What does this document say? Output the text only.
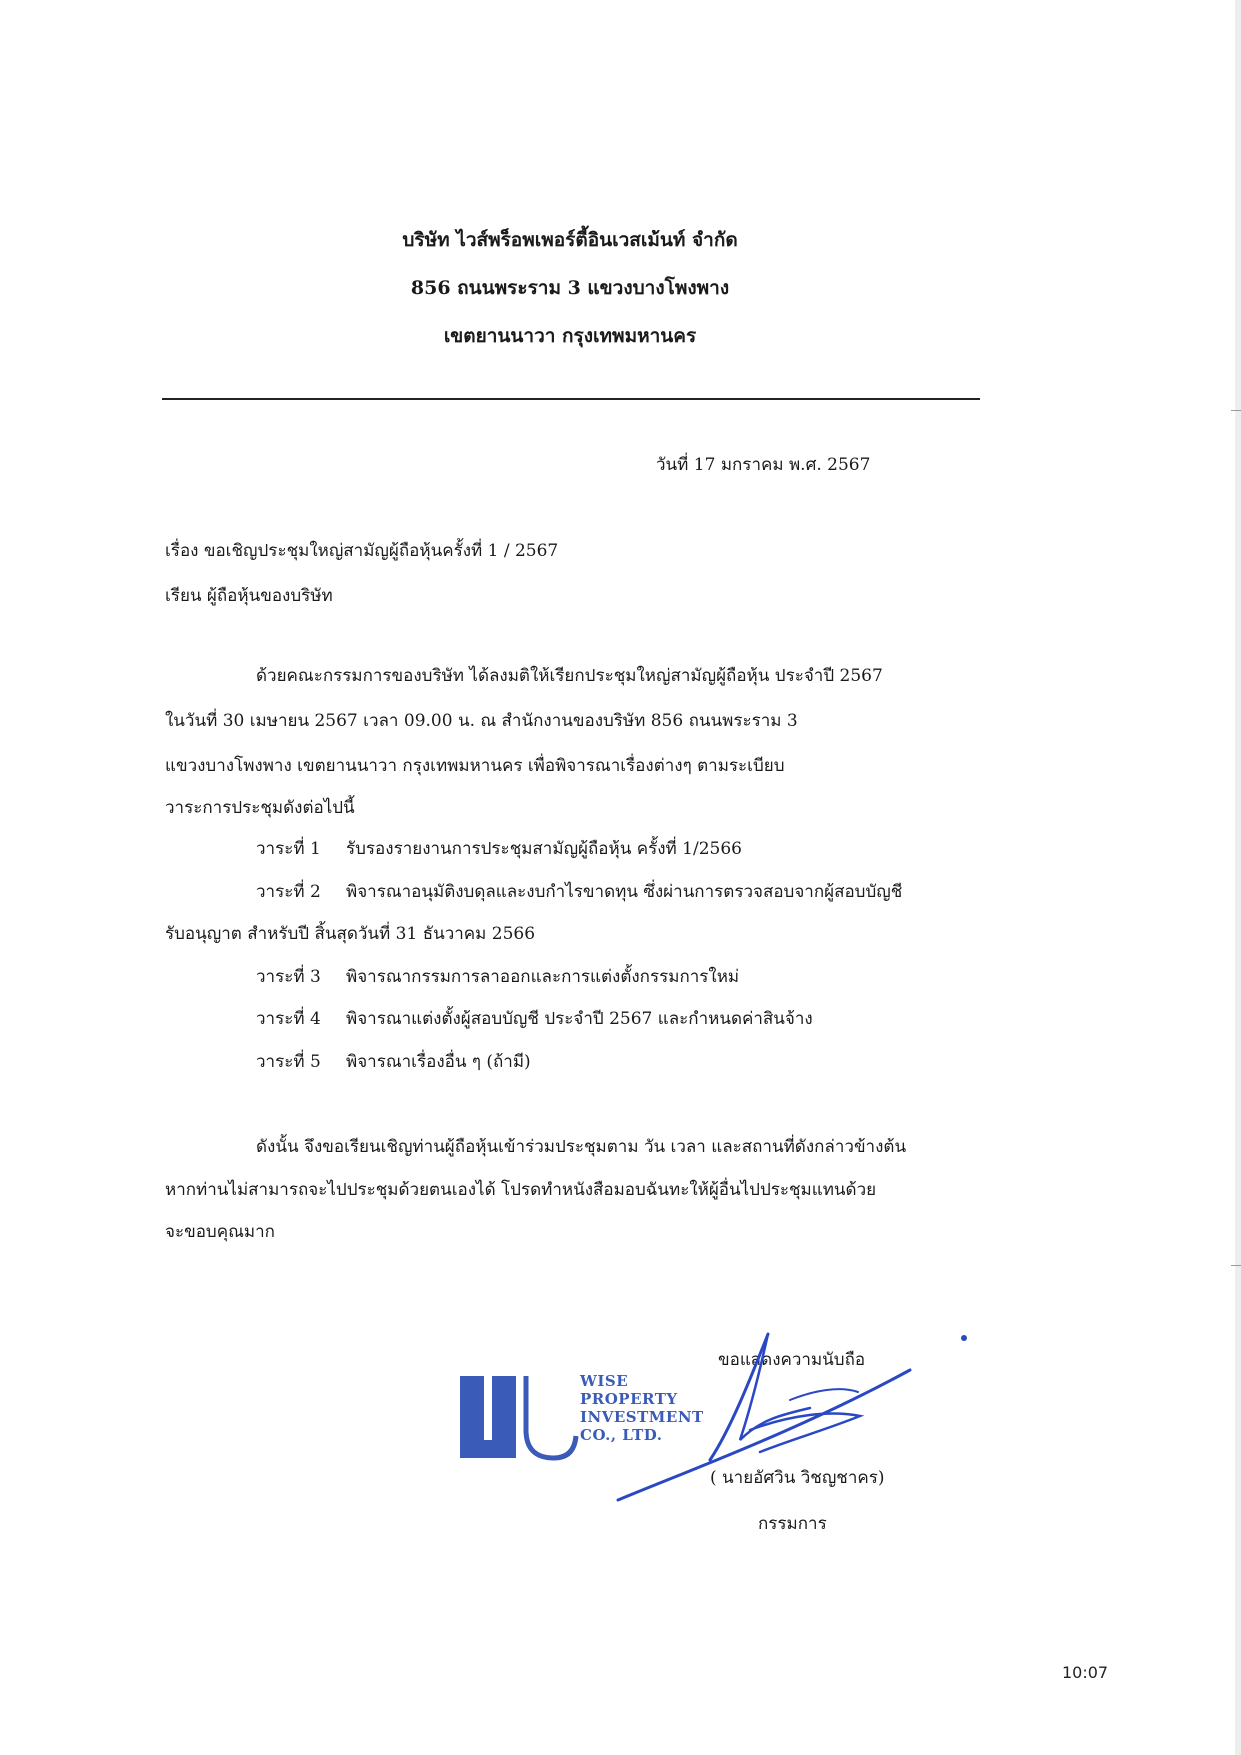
บริษัท ไวส์พร็อพเพอร์ตี้อินเวสเม้นท์ จำกัด
856 ถนนพระราม 3 แขวงบางโพงพาง
เขตยานนาวา กรุงเทพมหานคร
วันที่ 17 มกราคม พ.ศ. 2567
เรื่อง ขอเชิญประชุมใหญ่สามัญผู้ถือหุ้นครั้งที่ 1 / 2567
เรียน ผู้ถือหุ้นของบริษัท
ด้วยคณะกรรมการของบริษัท ได้ลงมติให้เรียกประชุมใหญ่สามัญผู้ถือหุ้น ประจำปี 2567
ในวันที่ 30 เมษายน 2567 เวลา 09.00 น. ณ สำนักงานของบริษัท 856 ถนนพระราม 3
แขวงบางโพงพาง เขตยานนาวา กรุงเทพมหานคร เพื่อพิจารณาเรื่องต่างๆ ตามระเบียบ
วาระการประชุมดังต่อไปนี้
วาระที่ 1 รับรองรายงานการประชุมสามัญผู้ถือหุ้น ครั้งที่ 1/2566
วาระที่ 2 พิจารณาอนุมัติงบดุลและงบกำไรขาดทุน ซึ่งผ่านการตรวจสอบจากผู้สอบบัญชี
รับอนุญาต สำหรับปี สิ้นสุดวันที่ 31 ธันวาคม 2566
วาระที่ 3 พิจารณากรรมการลาออกและการแต่งตั้งกรรมการใหม่
วาระที่ 4 พิจารณาแต่งตั้งผู้สอบบัญชี ประจำปี 2567 และกำหนดค่าสินจ้าง
วาระที่ 5 พิจารณาเรื่องอื่น ๆ (ถ้ามี)
ดังนั้น จึงขอเรียนเชิญท่านผู้ถือหุ้นเข้าร่วมประชุมตาม วัน เวลา และสถานที่ดังกล่าวข้างต้น
หากท่านไม่สามารถจะไปประชุมด้วยตนเองได้ โปรดทำหนังสือมอบฉันทะให้ผู้อื่นไปประชุมแทนด้วย
จะขอบคุณมาก
ขอแสดงความนับถือ
WISE
PROPERTY
INVESTMENT
CO., LTD.
( นายอัศวิน วิชญชาคร)
กรรมการ
10:07
